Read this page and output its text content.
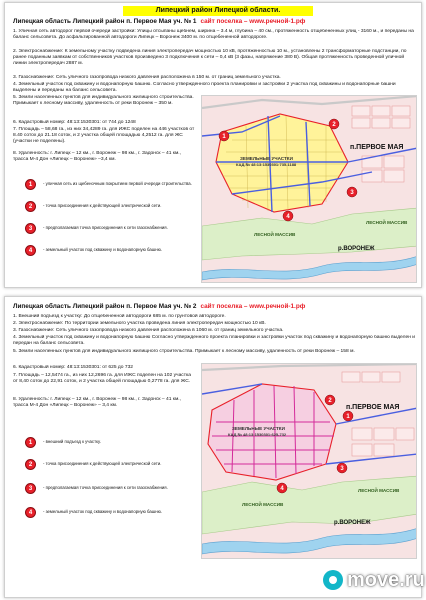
Липецкий район Липецкой области.
Липецкая область Липецкий район п. Первое Мая уч. № 1 сайт поселка – www.речной-1.рф
1. Уличная сеть автодорог первой очереди застройки: Улицы отсыпаны щебнем, ширина – 3.4 м, глубина – 40 см., протяженность отщебененных улиц - 3160 м., и переданы на баланс сельсовета. До асфальтированной автодороги Липецк – Воронеж 3400 м. по отщебененной автодороге.
2. Электроснабжение: К земельному участку подведена линия электропередач мощностью 10 кВ, протяженностью 10 м., установлены 2 трансформаторные подстанции, по ранее поданным заявкам от собственников участков произведено 3 подключения к сети – 0,4 кВ (3 фазы, напряжение 380 В). Общая протяженность проведенной уличной линии электропередач 2887 м.
3. Газоснабжение: Сеть уличного газопровода низкого давления расположена в 150 м. от границ земельного участка.
4. Земельный участок под скважину и водонапорную башню. Согласно утвержденного проекта планировки и застройки 2 участка под скважины и водонапорные башни выделены и переданы на баланс сельсовета.
5. Земли населенных пунктов для индивидуального жилищного строительства. Примыкает к лесному массиву, удаленность от реки Воронеж – 350 м.
6. Кадастровый номер: 48:13:1530301: от 744 до 1248
7. Площадь – 58,68 га., из них 34,4289 га. для ИЖС поделен на 446 участков от 8.40 сотох до 21.18 соток, и 2 участка общей площадью 4,2512 га. для ЖС (участки не поделены).
8. Удаленность: г. Липецк – 12 км., г. Воронеж – 98 км., г. Задонск – 41 км., трасса М-4 Дон «Липецк – Воронеж» –3,4 км.
1	- уличная сеть из щебеночным покрытием первой очереди строительства.
2	- точка присоединения к действующей электрической сети.
3	- предполагаемая точка присоединения к сети газоснабжения.
4	- земельный участок под скважину и водонапорную башню.
1
2
3
4
п.ПЕРВОЕ МАЯ
ЗЕМЕЛЬНЫЕ УЧАСТКИ
КАД.№ 48:13:1530301:735-1188
ЛЕСНОЙ МАССИВ
ЛЕСНОЙ МАССИВ
р.ВОРОНЕЖ
Липецкая область Липецкий район п. Первое Мая уч. № 2 сайт поселка – www.речной-1.рф
1. Внешний подъезд к участку: До отщебененной автодороги 685 м. по грунтовой автодороге.
2. Электроснабжение: По территории земельного участка проведена линия электропередач мощностью 10 кВ.
3. Газоснабжение: Сеть уличного газопровода низкого давления расположена в 1060 м. от границ земельного участка.
4. Земельный участок под скважину и водонапорную башню Согласно утвержденного проекта планировки и застройки участок под скважину и водонапорную башню выделен и передан на баланс сельсовета.
5. Земли населенных пунктов для индивидуального жилищного строительства. Примыкает к лесному массиву, удаленность от реки Воронеж – 158 м.
6. Кадастровый номер: 48:13:1530301: от 625 до 732
7. Площадь – 12,5474 га., из них 12,2696 га. для ИЖС поделен на 102 участка от 8,40 соток до 22,91 соток, и 2 участка общей площадью 0,2778 га. для ЖС.
8. Удаленность: г. Липецк – 12 км., г. Воронеж – 98 км., г. Задонск – 41 км., трасса М-4 Дон «Липецк – Воронеж» – 3,4 км.
1	- внешний подъезд к участку.
2	- точка присоединения к действующей электрической сети.
3	- предполагаемая точка присоединения к сети газоснабжения.
4	- земельный участок под скважину и водонапорную башню.
1
2
3
4
п.ПЕРВОЕ МАЯ
ЗЕМЕЛЬНЫЕ УЧАСТКИ
КАД.№ 48:13:1530301:625-732
ЛЕСНОЙ МАССИВ
ЛЕСНОЙ МАССИВ
р.ВОРОНЕЖ
move.ru
